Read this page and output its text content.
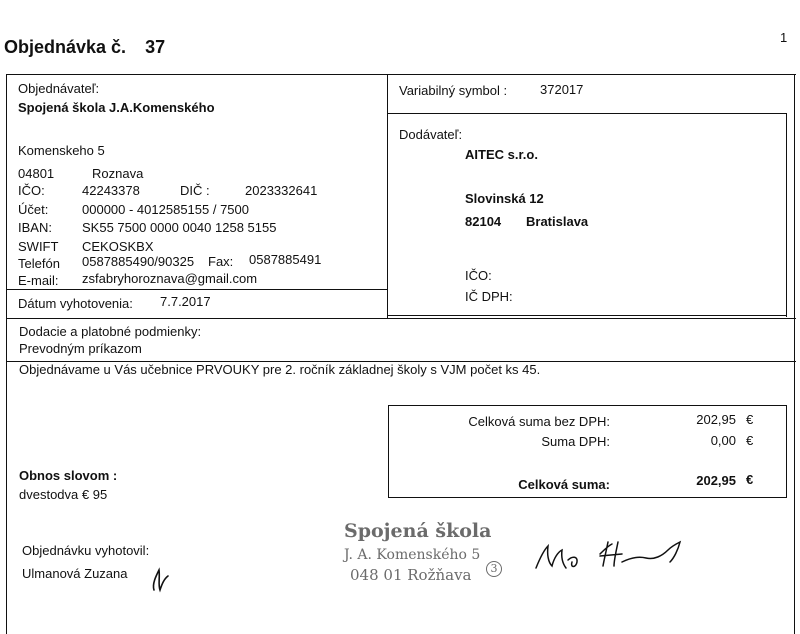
Objednávka č. 37	1
Objednávateľ:
Spojená škola J.A.Komenského
Komenskeho 5
04801	Roznava
IČO:	42243378	DIČ :	2023332641
Účet:	000000 - 4012585155 / 7500
IBAN: SK55 7500 0000 0040 1258 5155
SWIFT CEKOSKBX
Telefón 0587885490/90325 Fax: 0587885491
E-mail: zsfabryhoroznava@gmail.com
Dátum vyhotovenia: 7.7.2017
Variabilný symbol :	372017
Dodávateľ:
AITEC s.r.o.
Slovinská 12
82104 Bratislava
IČO:
IČ DPH:
Dodacie a platobné podmienky:
Prevodným príkazom
Objednávame u Vás učebnice PRVOUKY pre 2. ročník základnej školy s VJM počet ks 45.
Celková suma bez DPH:	202,95 €
Suma DPH:	0,00 €
Celková suma:	202,95 €
Obnos slovom :
dvestodva € 95
Objednávku vyhotovil:
Ulmanová Zuzana
Spojená škola
J. A. Komenského 5
048 01 Rožňava	3
